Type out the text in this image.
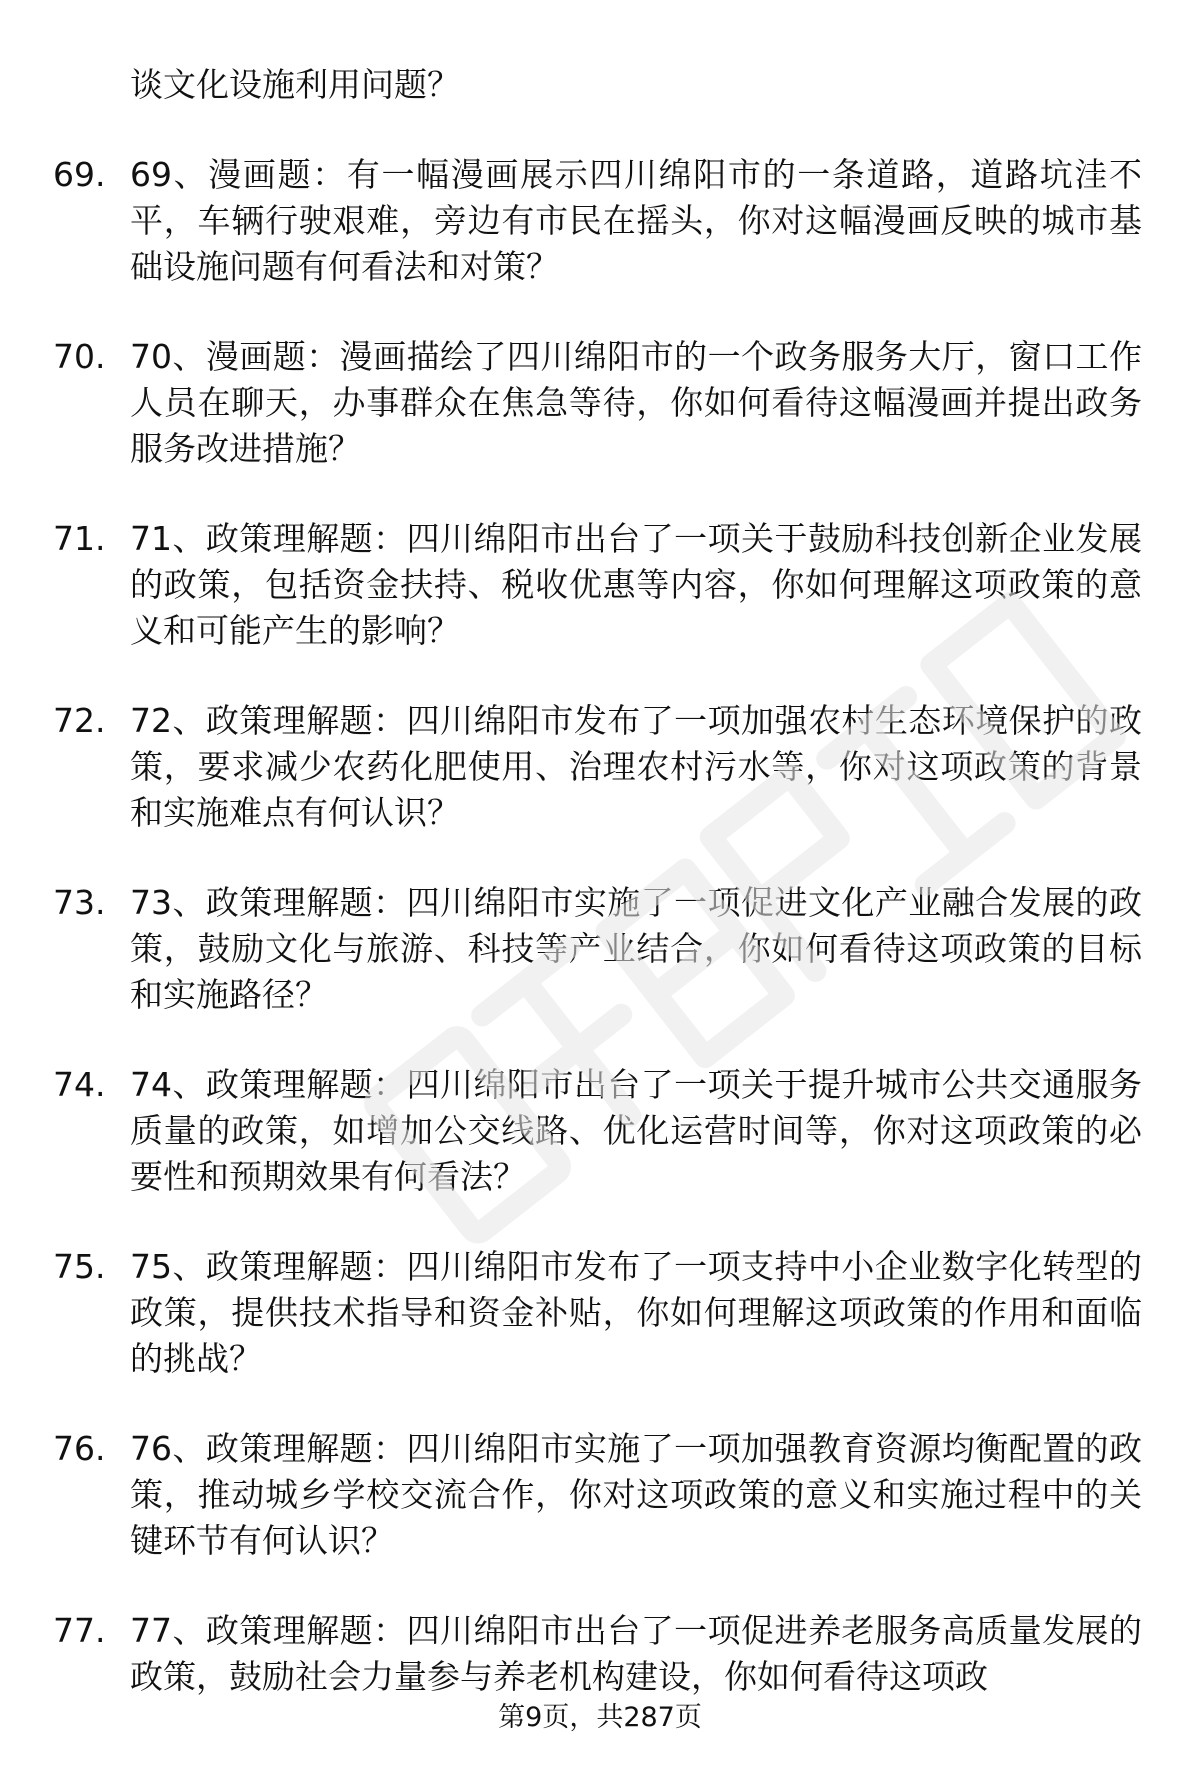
谈文化设施利用问题？
69. 69、漫画题：有一幅漫画展示四川绵阳市的一条道路，道路坑洼不平，车辆行驶艰难，旁边有市民在摇头，你对这幅漫画反映的城市基础设施问题有何看法和对策？
70. 70、漫画题：漫画描绘了四川绵阳市的一个政务服务大厅，窗口工作人员在聊天，办事群众在焦急等待，你如何看待这幅漫画并提出政务服务改进措施？
71. 71、政策理解题：四川绵阳市出台了一项关于鼓励科技创新企业发展的政策，包括资金扶持、税收优惠等内容，你如何理解这项政策的意义和可能产生的影响？
72. 72、政策理解题：四川绵阳市发布了一项加强农村生态环境保护的政策，要求减少农药化肥使用、治理农村污水等，你对这项政策的背景和实施难点有何认识？
73. 73、政策理解题：四川绵阳市实施了一项促进文化产业融合发展的政策，鼓励文化与旅游、科技等产业结合，你如何看待这项政策的目标和实施路径？
74. 74、政策理解题：四川绵阳市出台了一项关于提升城市公共交通服务质量的政策，如增加公交线路、优化运营时间等，你对这项政策的必要性和预期效果有何看法？
75. 75、政策理解题：四川绵阳市发布了一项支持中小企业数字化转型的政策，提供技术指导和资金补贴，你如何理解这项政策的作用和面临的挑战？
76. 76、政策理解题：四川绵阳市实施了一项加强教育资源均衡配置的政策，推动城乡学校交流合作，你对这项政策的意义和实施过程中的关键环节有何认识？
77. 77、政策理解题：四川绵阳市出台了一项促进养老服务高质量发展的政策，鼓励社会力量参与养老机构建设，你如何看待这项政
第9页，共287页
